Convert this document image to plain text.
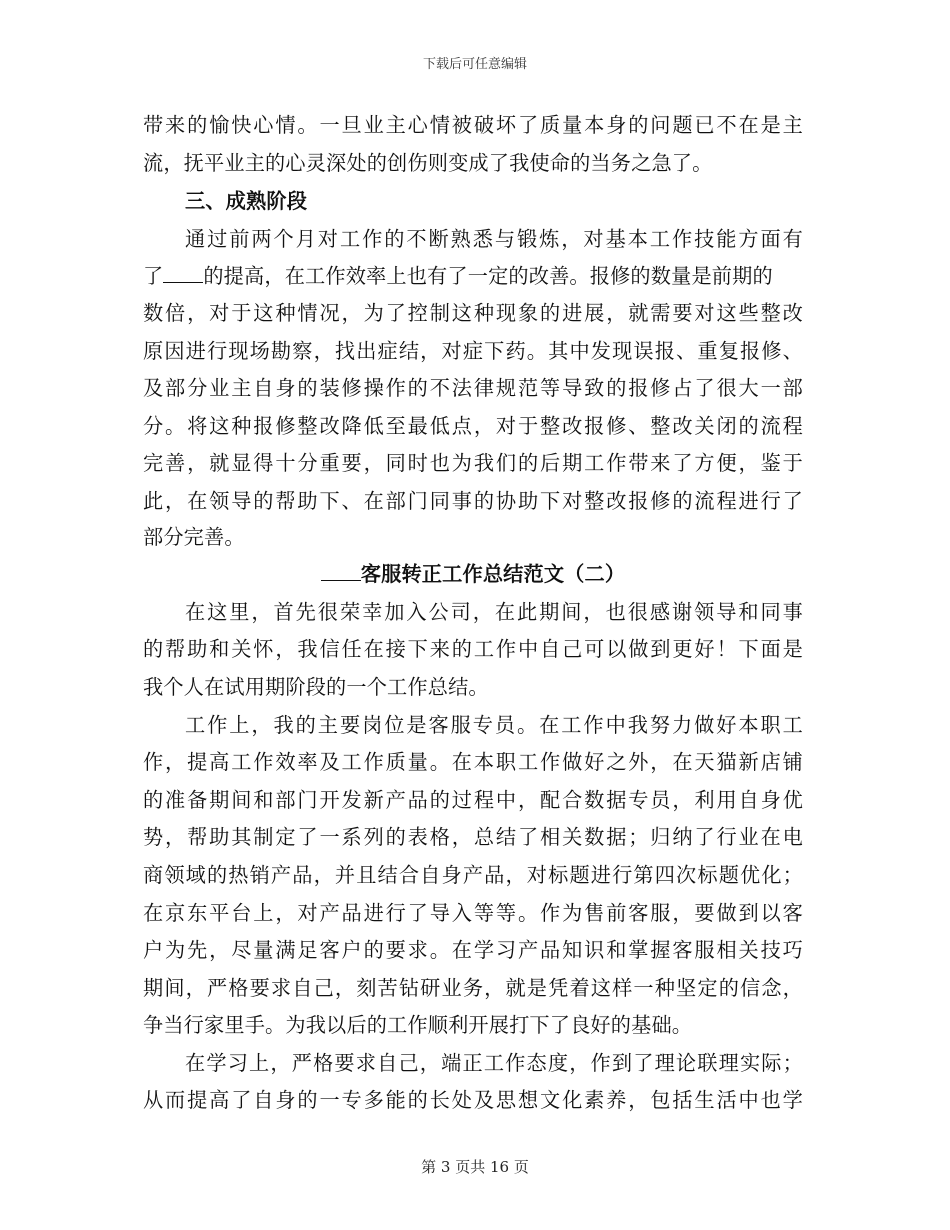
下载后可任意编辑
带来的愉快心情。一旦业主心情被破坏了质量本身的问题已不在是主
流，抚平业主的心灵深处的创伤则变成了我使命的当务之急了。
三、成熟阶段
通过前两个月对工作的不断熟悉与锻炼，对基本工作技能方面有
了 的提高，在工作效率上也有了一定的改善。报修的数量是前期的
数倍，对于这种情况，为了控制这种现象的进展，就需要对这些整改
原因进行现场勘察，找出症结，对症下药。其中发现误报、重复报修、
及部分业主自身的装修操作的不法律规范等导致的报修占了很大一部
分。将这种报修整改降低至最低点，对于整改报修、整改关闭的流程
完善，就显得十分重要，同时也为我们的后期工作带来了方便，鉴于
此，在领导的帮助下、在部门同事的协助下对整改报修的流程进行了
部分完善。
客服转正工作总结范文（二）
在这里，首先很荣幸加入公司，在此期间，也很感谢领导和同事
的帮助和关怀，我信任在接下来的工作中自己可以做到更好！下面是
我个人在试用期阶段的一个工作总结。
工作上，我的主要岗位是客服专员。在工作中我努力做好本职工
作，提高工作效率及工作质量。在本职工作做好之外，在天猫新店铺
的准备期间和部门开发新产品的过程中，配合数据专员，利用自身优
势，帮助其制定了一系列的表格，总结了相关数据；归纳了行业在电
商领域的热销产品，并且结合自身产品，对标题进行第四次标题优化；
在京东平台上，对产品进行了导入等等。作为售前客服，要做到以客
户为先，尽量满足客户的要求。在学习产品知识和掌握客服相关技巧
期间，严格要求自己，刻苦钻研业务，就是凭着这样一种坚定的信念，
争当行家里手。为我以后的工作顺利开展打下了良好的基础。
在学习上，严格要求自己，端正工作态度，作到了理论联理实际；
从而提高了自身的一专多能的长处及思想文化素养，包括生活中也学
第 3 页共 16 页
